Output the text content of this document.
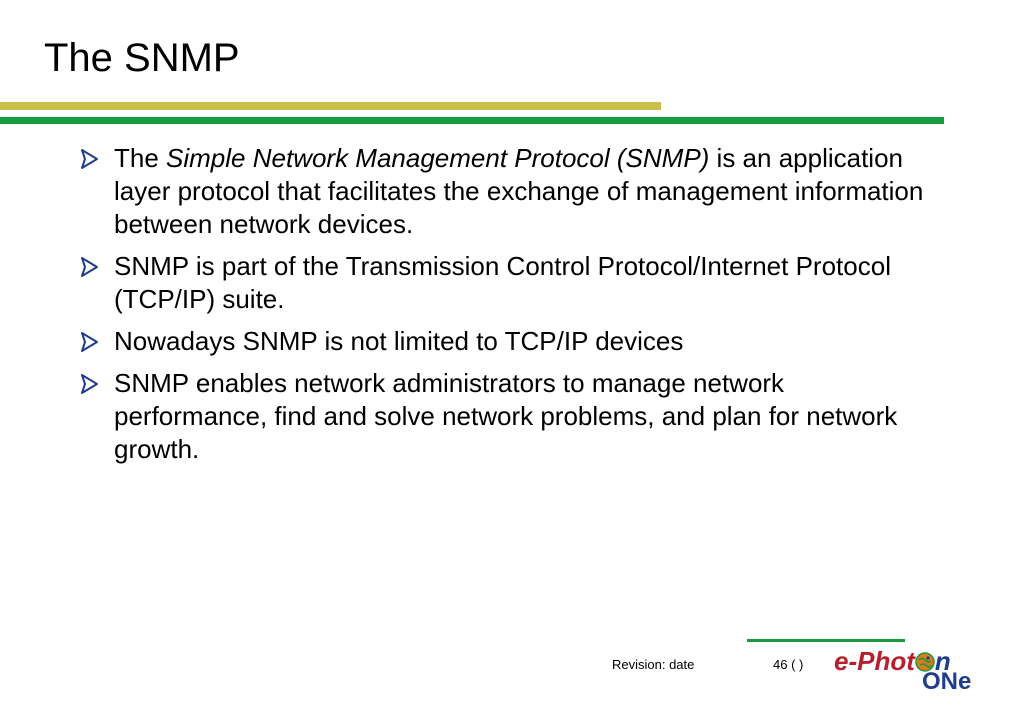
The SNMP
The Simple Network Management Protocol (SNMP) is an application layer protocol that facilitates the exchange of management information between network devices.
SNMP is part of the Transmission Control Protocol/Internet Protocol (TCP/IP) suite.
Nowadays SNMP is not limited to TCP/IP devices
SNMP enables network administrators to manage network performance, find and solve network problems, and plan for network growth.
Revision: date	46 ( ) e-Phot n
ONe
